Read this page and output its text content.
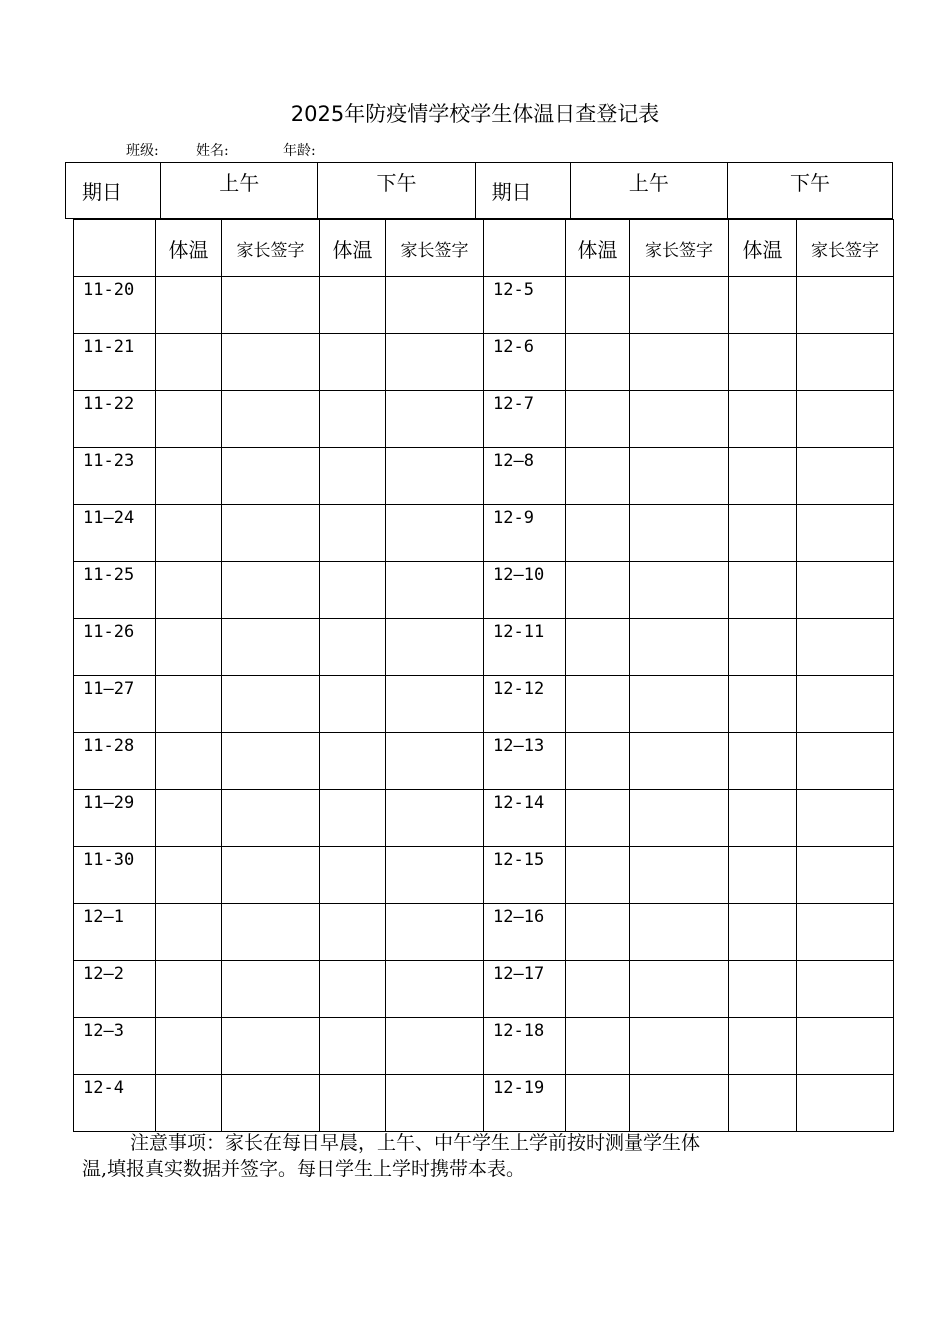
2025年防疫情学校学生体温日查登记表
班级:	姓名:	年龄:
期日	上午	下午	期日	上午	下午
	体温	家长签字	体温	家长签字		体温	家长签字	体温	家长签字
11-20					12-5				
11-21					12-6				
11-22					12-7				
11-23					12—8				
11—24					12-9				
11-25					12—10				
11-26					12-11				
11—27					12-12				
11-28					12—13				
11—29					12-14				
11-30					12-15				
12—1					12—16				
12—2					12—17				
12—3					12-18				
12-4					12-19				
注意事项：家长在每日早晨，上午、中午学生上学前按时测量学生体
温,填报真实数据并签字。每日学生上学时携带本表。
